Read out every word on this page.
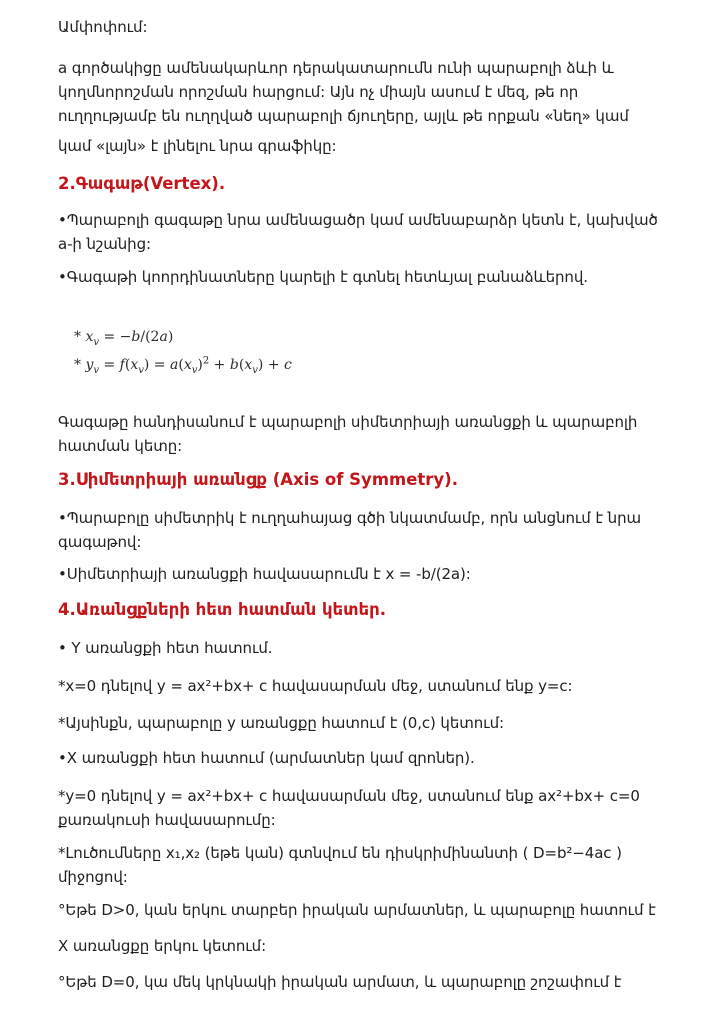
Ամփոփում:

a գործակիցը ամենակարևոր դերակատարումն ունի պարաբոլի ձևի և կողմնորոշման որոշման հարցում: Այն ոչ միայն ասում է մեզ, թե որ ուղղությամբ են ուղղված պարաբոլի ճյուղերը, այլև թե որքան «նեղ» կամ

կամ «լայն» է լինելու նրա գրաֆիկը:

2.Գագաթ(Vertex).

•Պարաբոլի գագաթը նրա ամենացածր կամ ամենաբարձր կետն է, կախված a-ի նշանից:

•Գագաթի կոորդինատները կարելի է գտնել հետևյալ բանաձևերով.

* $x_v = -b/(2a)$
* $y_v = f(x_v) = a(x_v)^2 + b(x_v) + c$

Գագաթը հանդիսանում է պարաբոլի սիմետրիայի առանցքի և պարաբոլի հատման կետը:

3.Սիմետրիայի առանցք (Axis of Symmetry).

•Պարաբոլը սիմետրիկ է ուղղահայաց գծի նկատմամբ, որն անցնում է նրա գագաթով:

•Սիմետրիայի առանցքի հավասարումն է x = -b/(2a):

4.Առանցքների հետ հատման կետեր.

• Y առանցքի հետ հատում.

*x=0 դնելով y = ax²+bx+ c հավասարման մեջ, ստանում ենք y=c:

*Այսինքն, պարաբոլը y առանցքը հատում է (0,c) կետում:

•X առանցքի հետ հատում (արմատներ կամ զրոներ).

*y=0 դնելով y = ax²+bx+ c հավասարման մեջ, ստանում ենք ax²+bx+ c=0 քառակուսի հավասարումը:

*Լուծումները x₁,x₂ (եթե կան) գտնվում են դիսկրիմինանտի ( D=b²−4ac ) միջոցով:

°Եթե D>0, կան երկու տարբեր իրական արմատներ, և պարաբոլը հատում է

X առանցքը երկու կետում:

°Եթե D=0, կա մեկ կրկնակի իրական արմատ, և պարաբոլը շոշափում է
